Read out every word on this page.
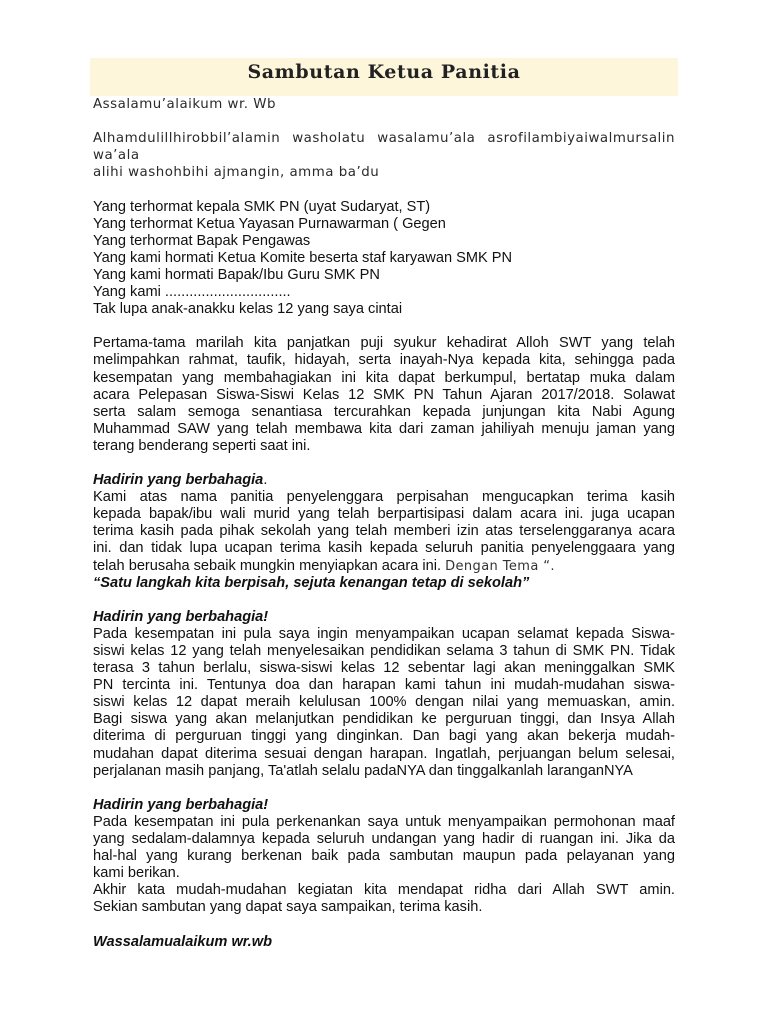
Sambutan Ketua Panitia

Assalamu’alaikum wr. Wb

Alhamdulillhirobbil’alamin washolatu wasalamu’ala asrofilambiyaiwalmursalin wa’ala

alihi washohbihi ajmangin, amma ba’du

Yang terhormat kepala SMK PN (uyat Sudaryat, ST)

Yang terhormat Ketua Yayasan Purnawarman ( Gegen

Yang terhormat Bapak Pengawas

Yang kami hormati Ketua Komite beserta staf karyawan SMK PN

Yang kami hormati Bapak/Ibu Guru SMK PN

Yang kami ...............................

Tak lupa anak-anakku kelas 12 yang saya cintai

Pertama-tama marilah kita panjatkan puji syukur kehadirat Alloh SWT yang telah

melimpahkan rahmat, taufik, hidayah, serta inayah-Nya kepada kita, sehingga pada

kesempatan yang membahagiakan ini kita dapat berkumpul, bertatap muka dalam

acara Pelepasan Siswa-Siswi Kelas 12 SMK PN Tahun Ajaran 2017/2018. Solawat

serta salam semoga senantiasa tercurahkan kepada junjungan kita Nabi Agung

Muhammad SAW yang telah membawa kita dari zaman jahiliyah menuju jaman yang

terang benderang seperti saat ini.

Hadirin yang berbahagia.

Kami atas nama panitia penyelenggara perpisahan mengucapkan terima kasih

kepada bapak/ibu wali murid yang telah berpartisipasi dalam acara ini. juga ucapan

terima kasih pada pihak sekolah yang telah memberi izin atas terselenggaranya acara

ini. dan tidak lupa ucapan terima kasih kepada seluruh panitia penyelenggaara yang

telah berusaha sebaik mungkin menyiapkan acara ini. Dengan Tema “.

“Satu langkah kita berpisah, sejuta kenangan tetap di sekolah”

Hadirin yang berbahagia!

Pada kesempatan ini pula saya ingin menyampaikan ucapan selamat kepada Siswa-

siswi kelas 12 yang telah menyelesaikan pendidikan selama 3 tahun di SMK PN. Tidak

terasa 3 tahun berlalu, siswa-siswi kelas 12 sebentar lagi akan meninggalkan SMK

PN tercinta ini. Tentunya doa dan harapan kami tahun ini mudah-mudahan siswa-

siswi kelas 12 dapat meraih kelulusan 100% dengan nilai yang memuaskan, amin.

Bagi siswa yang akan melanjutkan pendidikan ke perguruan tinggi, dan Insya Allah

diterima di perguruan tinggi yang dinginkan. Dan bagi yang akan bekerja mudah-

mudahan dapat diterima sesuai dengan harapan. Ingatlah, perjuangan belum selesai,

perjalanan masih panjang, Ta'atlah selalu padaNYA dan tinggalkanlah laranganNYA

Hadirin yang berbahagia!

Pada kesempatan ini pula perkenankan saya untuk menyampaikan permohonan maaf

yang sedalam-dalamnya kepada seluruh undangan yang hadir di ruangan ini. Jika da

hal-hal yang kurang berkenan baik pada sambutan maupun pada pelayanan yang

kami berikan.

Akhir kata mudah-mudahan kegiatan kita mendapat ridha dari Allah SWT amin.

Sekian sambutan yang dapat saya sampaikan, terima kasih.

Wassalamualaikum wr.wb
